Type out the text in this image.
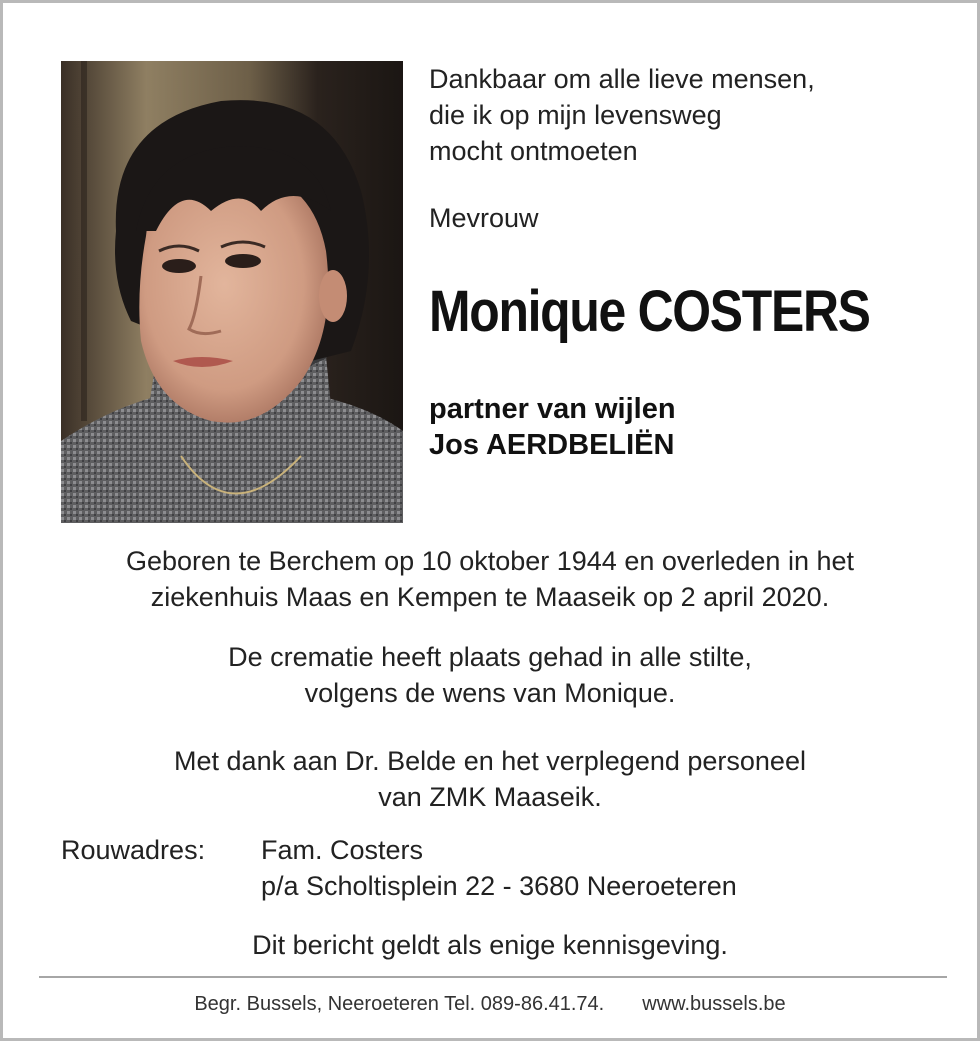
Dankbaar om alle lieve mensen,
die ik op mijn levensweg
mocht ontmoeten
Mevrouw
Monique COSTERS
partner van wijlen
Jos AERDBELIËN
Geboren te Berchem op 10 oktober 1944 en overleden in het
ziekenhuis Maas en Kempen te Maaseik op 2 april 2020.
De crematie heeft plaats gehad in alle stilte,
volgens de wens van Monique.
Met dank aan Dr. Belde en het verplegend personeel
van ZMK Maaseik.
Rouwadres: Fam. Costers
p/a Scholtisplein 22 - 3680 Neeroeteren
Dit bericht geldt als enige kennisgeving.
Begr. Bussels, Neeroeteren Tel. 089-86.41.74. www.bussels.be
